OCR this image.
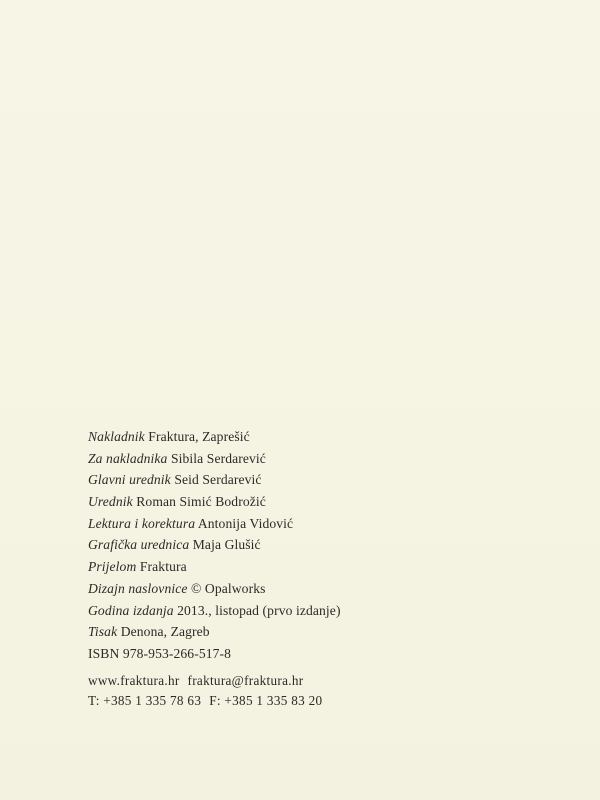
Nakladnik Fraktura, Zaprešić
Za nakladnika Sibila Serdarević
Glavni urednik Seid Serdarević
Urednik Roman Simić Bodrožić
Lektura i korektura Antonija Vidović
Grafička urednica Maja Glušić
Prijelom Fraktura
Dizajn naslovnice © Opalworks
Godina izdanja 2013., listopad (prvo izdanje)
Tisak Denona, Zagreb
ISBN 978-953-266-517-8
www.fraktura.hr fraktura@fraktura.hr
T: +385 1 335 78 63 F: +385 1 335 83 20
